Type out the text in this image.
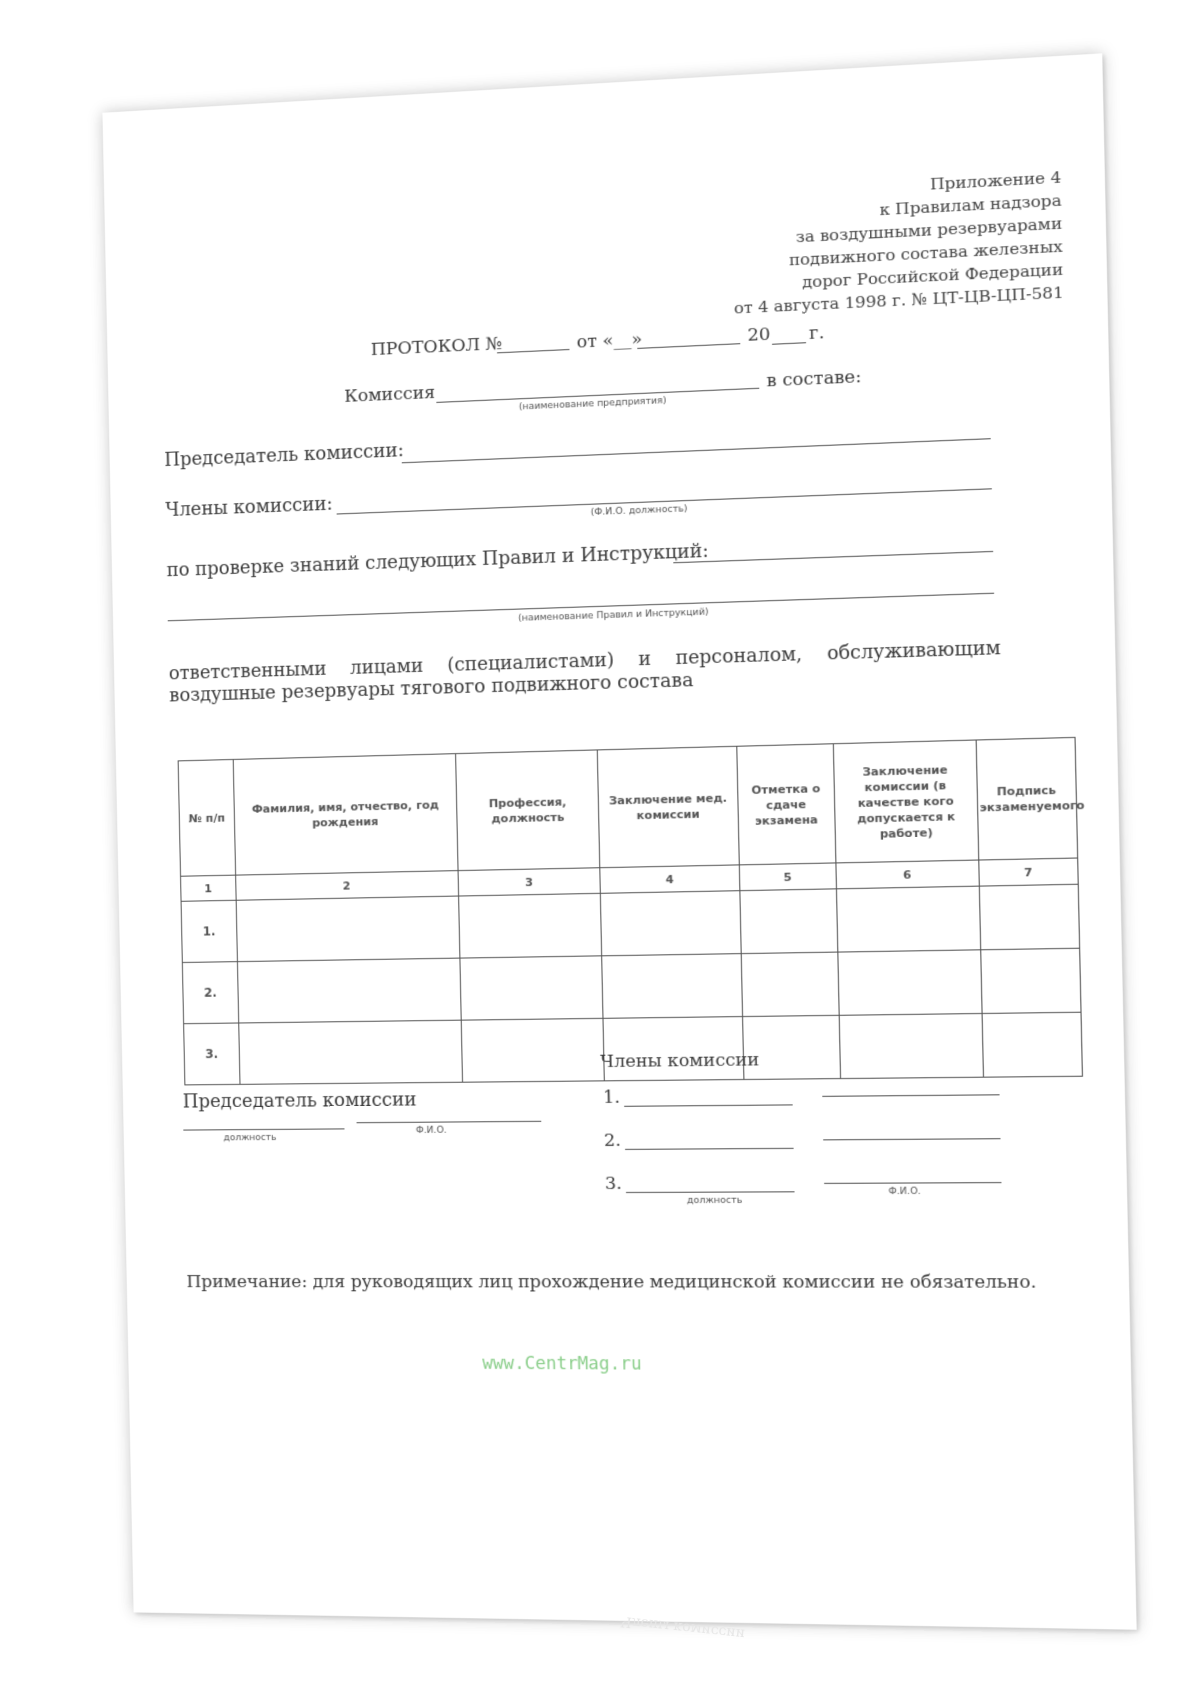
Приложение 4
к Правилам надзора
за воздушными резервуарами
подвижного состава железных
дорог Российской Федерации
от 4 августа 1998 г. № ЦТ-ЦВ-ЦП-581
ПРОТОКОЛ №	от «__»	20 г.
Комиссия	(наименование предприятия)
в составе:
Председатель комиссии:
Члены комиссии:	(Ф.И.О. должность)
по проверке знаний следующих Правил и Инструкций:
(наименование Правил и Инструкций)
ответственными лицами (специалистами) и персоналом, обслуживающим воздушные резервуары тягового подвижного состава
№ п/п	Фамилия, имя, отчество, год рождения	Профессия, должность	Заключение мед. комиссии	Отметка о сдаче экзамена	Заключение комиссии (в качестве кого допускается к работе)	Подпись экзаменуемого
1	2	3	4	5	6	7
1.						
2.						
3.						
Председатель комиссии
должность
Ф.И.О.
Члены комиссии
1.
2.
3.
должность
Ф.И.О.
Примечание: для руководящих лиц прохождение медицинской комиссии не обязательно.
www.CentrMag.ru
Члены комиссии
